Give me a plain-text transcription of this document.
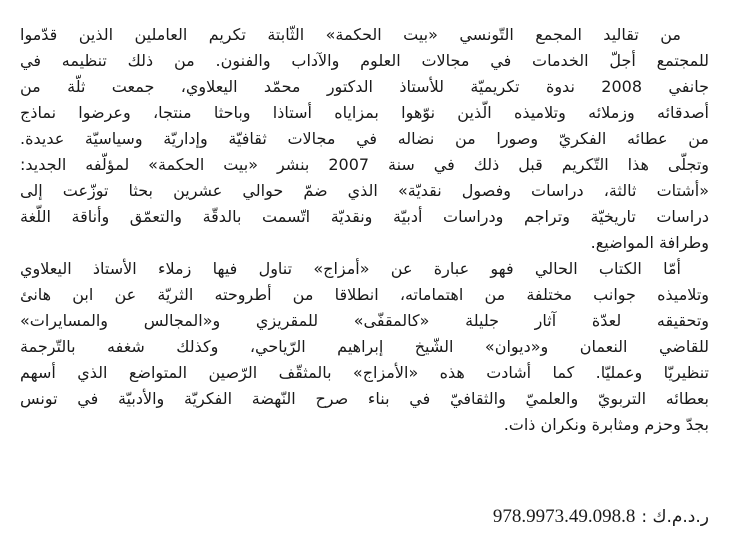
من تقاليد المجمع التّونسي «بيت الحكمة» الثّابتة تكريم العاملين الذين قدّموا
للمجتمع أجلّ الخدمات في مجالات العلوم والآداب والفنون. من ذلك تنظيمه في
جانفي 2008 ندوة تكريميّة للأستاذ الدكتور محمّد اليعلاوي، جمعت ثلّة من
أصدقائه وزملائه وتلاميذه الّذين نوّهوا بمزاياه أستاذا وباحثا منتجا، وعرضوا نماذج
من عطائه الفكريّ وصورا من نضاله في مجالات ثقافيّة وإداريّة وسياسيّة عديدة.
وتجلّى هذا التّكريم قبل ذلك في سنة 2007 بنشر «بيت الحكمة» لمؤلّفه الجديد:
«أشتات ثالثة، دراسات وفصول نقديّة» الذي ضمّ حوالي عشرين بحثا توزّعت إلى
دراسات تاريخيّة وتراجم ودراسات أدبيّة ونقديّة اتّسمت بالدقّة والتعمّق وأناقة اللّغة
وطرافة المواضيع.
أمّا الكتاب الحالي فهو عبارة عن «أمزاج» تناول فيها زملاء الأستاذ اليعلاوي
وتلاميذه جوانب مختلفة من اهتماماته، انطلاقا من أطروحته الثريّة عن ابن هانئ
وتحقيقه لعدّة آثار جليلة «كالمقفّى» للمقريزي و«المجالس والمسايرات»
للقاضي النعمان و«ديوان» الشّيخ إبراهيم الرّياحي، وكذلك شغفه بالتّرجمة
تنظيريّا وعمليّا. كما أشادت هذه «الأمزاج» بالمثقّف الرّصين المتواضع الذي أسهم
بعطائه التربويّ والعلميّ والثقافيّ في بناء صرح النّهضة الفكريّة والأدبيّة في تونس
بجدّ وحزم ومثابرة ونكران ذات.
ر.د.م.ك :978.9973.49.098.8
